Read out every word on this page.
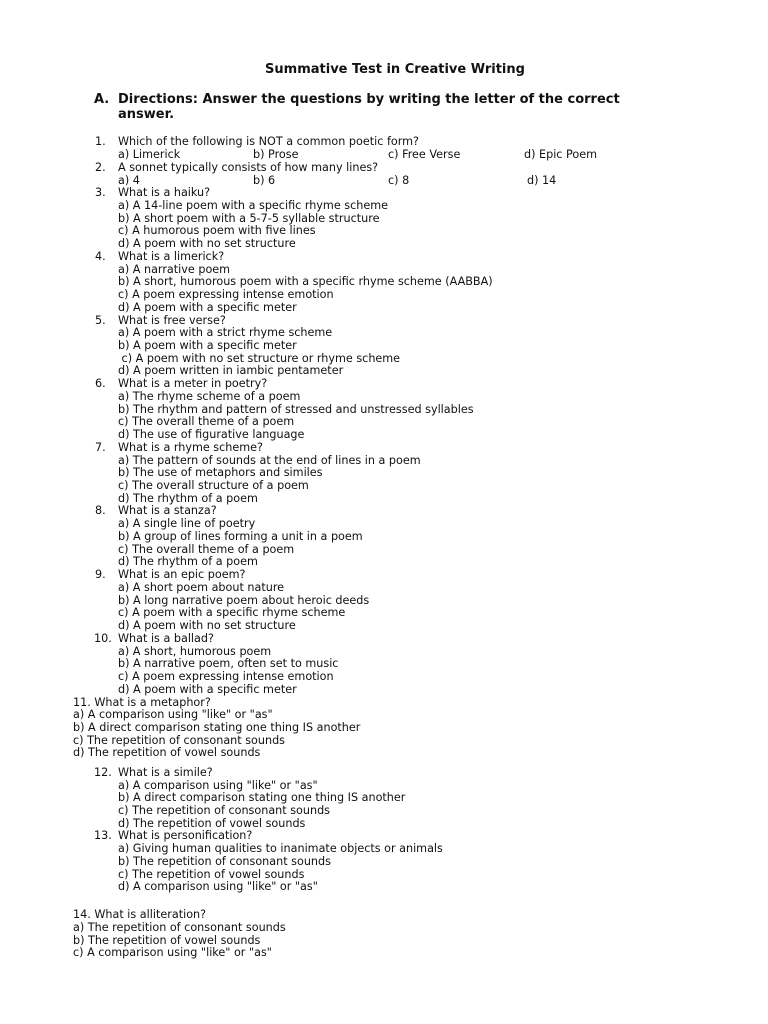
Summative Test in Creative Writing
A. Directions: Answer the questions by writing the letter of the correct answer.
1. Which of the following is NOT a common poetic form?
a) Limerick	b) Prose	c) Free Verse	d) Epic Poem
2. A sonnet typically consists of how many lines?
a) 4	b) 6	c) 8	d) 14
3. What is a haiku?
a) A 14-line poem with a specific rhyme scheme
b) A short poem with a 5-7-5 syllable structure
c) A humorous poem with five lines
d) A poem with no set structure
4. What is a limerick?
a) A narrative poem
b) A short, humorous poem with a specific rhyme scheme (AABBA)
c) A poem expressing intense emotion
d) A poem with a specific meter
5. What is free verse?
a) A poem with a strict rhyme scheme
b) A poem with a specific meter
c) A poem with no set structure or rhyme scheme
d) A poem written in iambic pentameter
6. What is a meter in poetry?
a) The rhyme scheme of a poem
b) The rhythm and pattern of stressed and unstressed syllables
c) The overall theme of a poem
d) The use of figurative language
7. What is a rhyme scheme?
a) The pattern of sounds at the end of lines in a poem
b) The use of metaphors and similes
c) The overall structure of a poem
d) The rhythm of a poem
8. What is a stanza?
a) A single line of poetry
b) A group of lines forming a unit in a poem
c) The overall theme of a poem
d) The rhythm of a poem
9. What is an epic poem?
a) A short poem about nature
b) A long narrative poem about heroic deeds
c) A poem with a specific rhyme scheme
d) A poem with no set structure
10. What is a ballad?
a) A short, humorous poem
b) A narrative poem, often set to music
c) A poem expressing intense emotion
d) A poem with a specific meter
11. What is a metaphor?
a) A comparison using "like" or "as"
b) A direct comparison stating one thing IS another
c) The repetition of consonant sounds
d) The repetition of vowel sounds
12. What is a simile?
a) A comparison using "like" or "as"
b) A direct comparison stating one thing IS another
c) The repetition of consonant sounds
d) The repetition of vowel sounds
13. What is personification?
a) Giving human qualities to inanimate objects or animals
b) The repetition of consonant sounds
c) The repetition of vowel sounds
d) A comparison using "like" or "as"
14. What is alliteration?
a) The repetition of consonant sounds
b) The repetition of vowel sounds
c) A comparison using "like" or "as"
